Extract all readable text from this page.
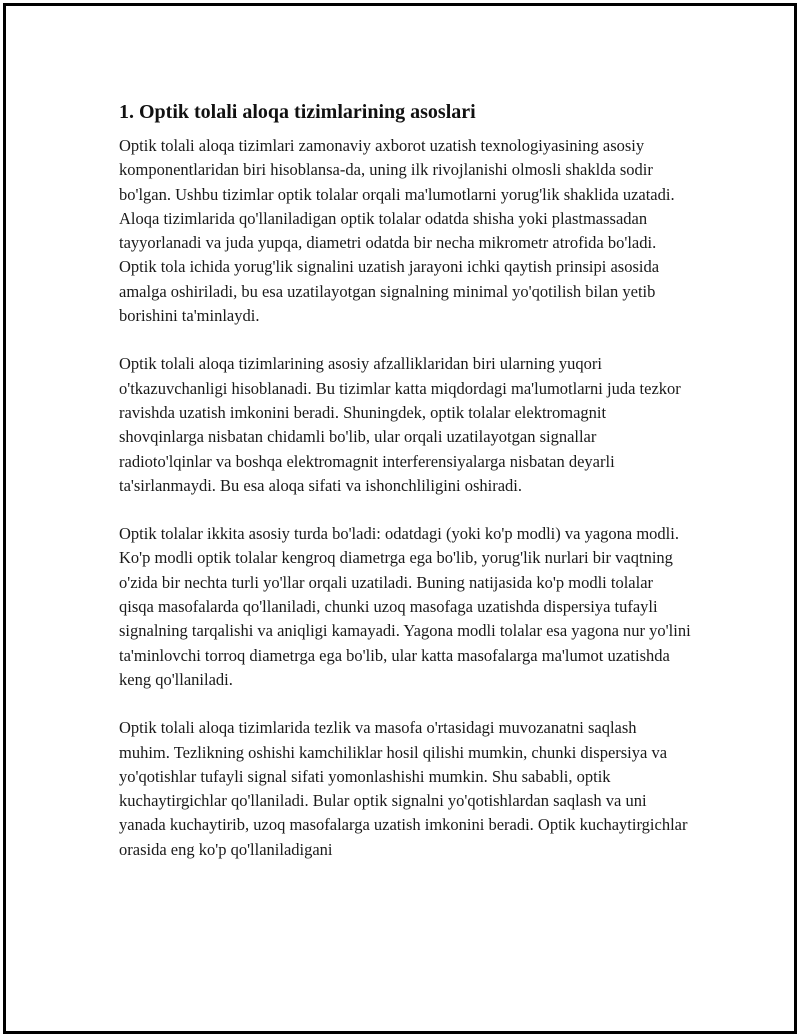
1. Optik tolali aloqa tizimlarining asoslari

Optik tolali aloqa tizimlari zamonaviy axborot uzatish texnologiyasining asosiy komponentlaridan biri hisoblansa-da, uning ilk rivojlanishi olmosli shaklda sodir bo'lgan. Ushbu tizimlar optik tolalar orqali ma'lumotlarni yorug'lik shaklida uzatadi. Aloqa tizimlarida qo'llaniladigan optik tolalar odatda shisha yoki plastmassadan tayyorlanadi va juda yupqa, diametri odatda bir necha mikrometr atrofida bo'ladi. Optik tola ichida yorug'lik signalini uzatish jarayoni ichki qaytish prinsipi asosida amalga oshiriladi, bu esa uzatilayotgan signalning minimal yo'qotilish bilan yetib borishini ta'minlaydi.

Optik tolali aloqa tizimlarining asosiy afzalliklaridan biri ularning yuqori o'tkazuvchanligi hisoblanadi. Bu tizimlar katta miqdordagi ma'lumotlarni juda tezkor ravishda uzatish imkonini beradi. Shuningdek, optik tolalar elektromagnit shovqinlarga nisbatan chidamli bo'lib, ular orqali uzatilayotgan signallar radioto'lqinlar va boshqa elektromagnit interferensiyalarga nisbatan deyarli ta'sirlanmaydi. Bu esa aloqa sifati va ishonchliligini oshiradi.

Optik tolalar ikkita asosiy turda bo'ladi: odatdagi (yoki ko'p modli) va yagona modli. Ko'p modli optik tolalar kengroq diametrga ega bo'lib, yorug'lik nurlari bir vaqtning o'zida bir nechta turli yo'llar orqali uzatiladi. Buning natijasida ko'p modli tolalar qisqa masofalarda qo'llaniladi, chunki uzoq masofaga uzatishda dispersiya tufayli signalning tarqalishi va aniqligi kamayadi. Yagona modli tolalar esa yagona nur yo'lini ta'minlovchi torroq diametrga ega bo'lib, ular katta masofalarga ma'lumot uzatishda keng qo'llaniladi.

Optik tolali aloqa tizimlarida tezlik va masofa o'rtasidagi muvozanatni saqlash muhim. Tezlikning oshishi kamchiliklar hosil qilishi mumkin, chunki dispersiya va yo'qotishlar tufayli signal sifati yomonlashishi mumkin. Shu sababli, optik kuchaytirgichlar qo'llaniladi. Bular optik signalni yo'qotishlardan saqlash va uni yanada kuchaytirib, uzoq masofalarga uzatish imkonini beradi. Optik kuchaytirgichlar orasida eng ko'p qo'llaniladigani
